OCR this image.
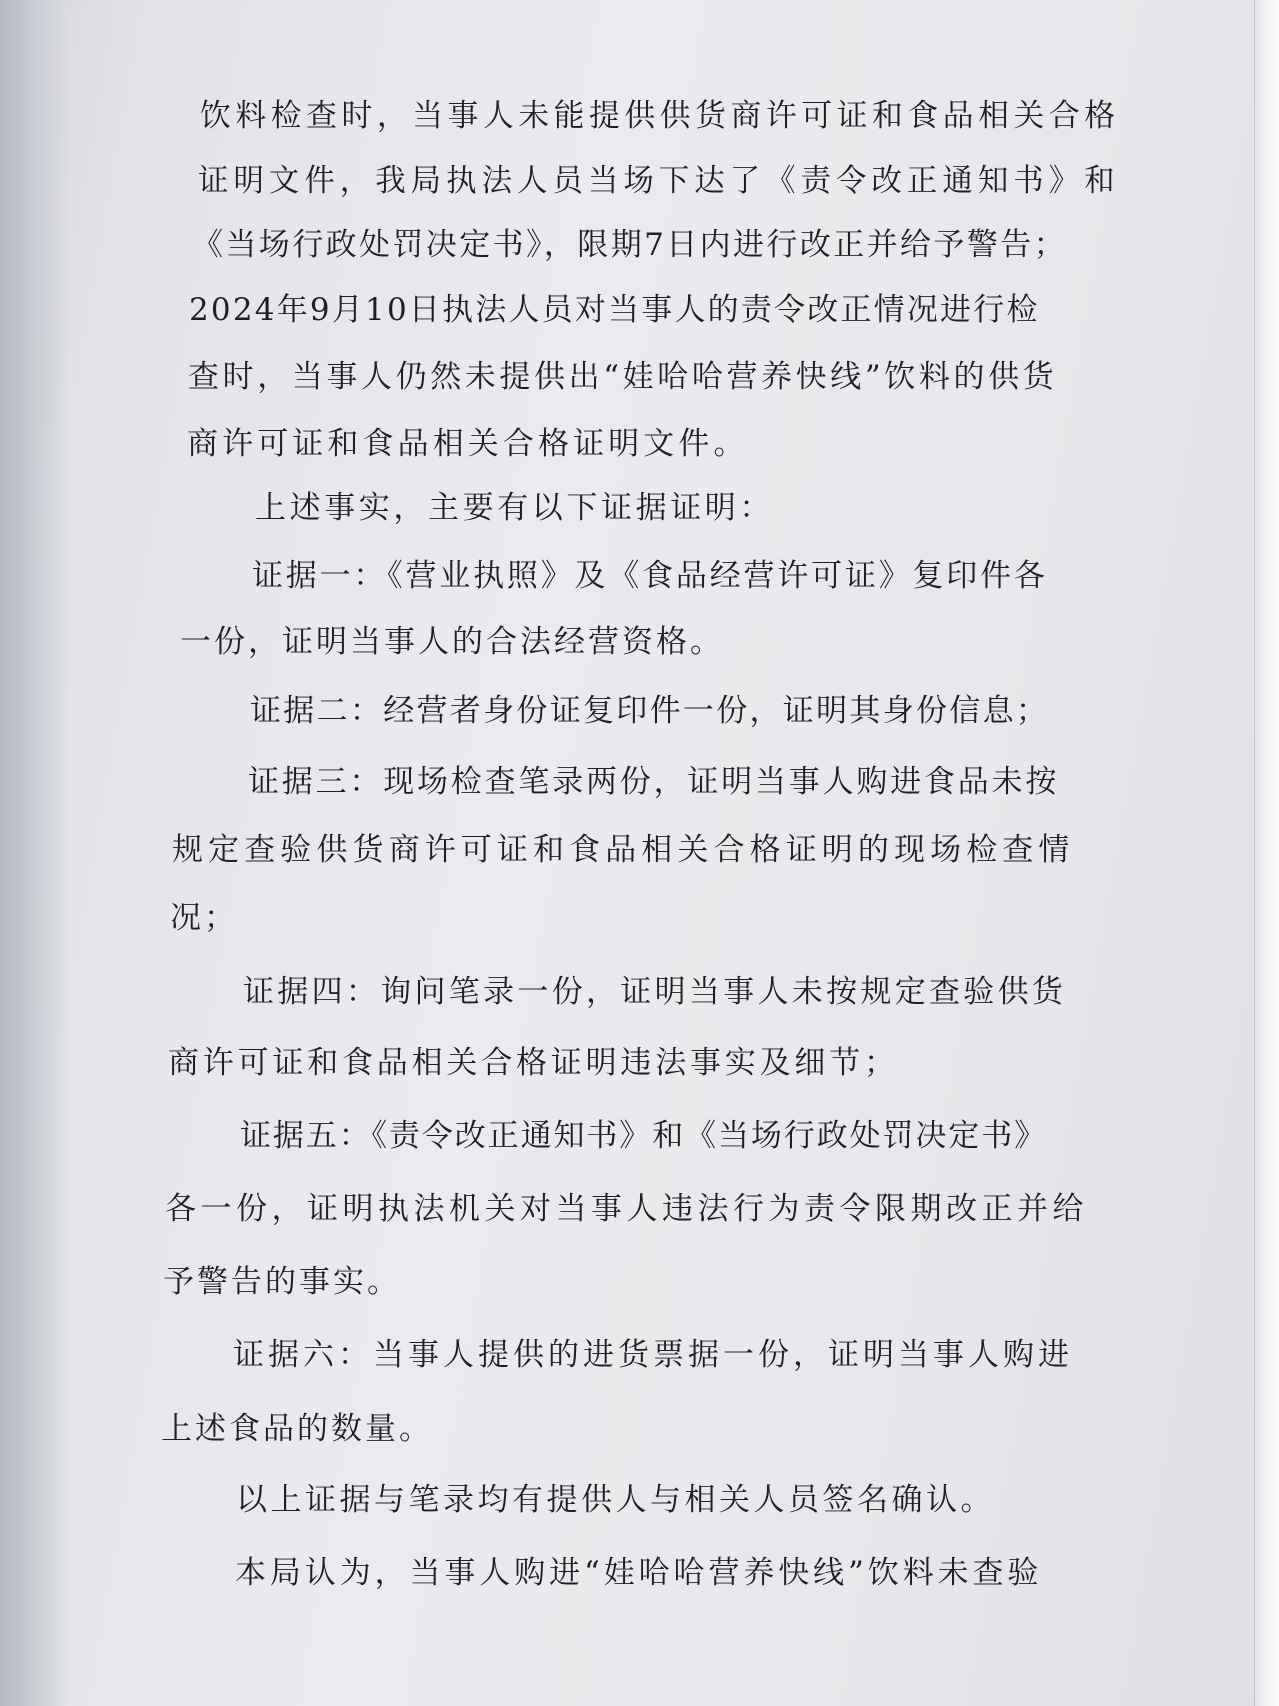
饮料检查时，当事人未能提供供货商许可证和食品相关合格
证明文件，我局执法人员当场下达了《责令改正通知书》和
《当场行政处罚决定书》，限期7日内进行改正并给予警告；
2024年9月10日执法人员对当事人的责令改正情况进行检
查时，当事人仍然未提供出“娃哈哈营养快线”饮料的供货
商许可证和食品相关合格证明文件。
上述事实，主要有以下证据证明：
证据一：《营业执照》及《食品经营许可证》复印件各
一份，证明当事人的合法经营资格。
证据二：经营者身份证复印件一份，证明其身份信息；
证据三：现场检查笔录两份，证明当事人购进食品未按
规定查验供货商许可证和食品相关合格证明的现场检查情
况；
证据四：询问笔录一份，证明当事人未按规定查验供货
商许可证和食品相关合格证明违法事实及细节；
证据五：《责令改正通知书》和《当场行政处罚决定书》
各一份，证明执法机关对当事人违法行为责令限期改正并给
予警告的事实。
证据六：当事人提供的进货票据一份，证明当事人购进
上述食品的数量。
以上证据与笔录均有提供人与相关人员签名确认。
本局认为，当事人购进“娃哈哈营养快线”饮料未查验
